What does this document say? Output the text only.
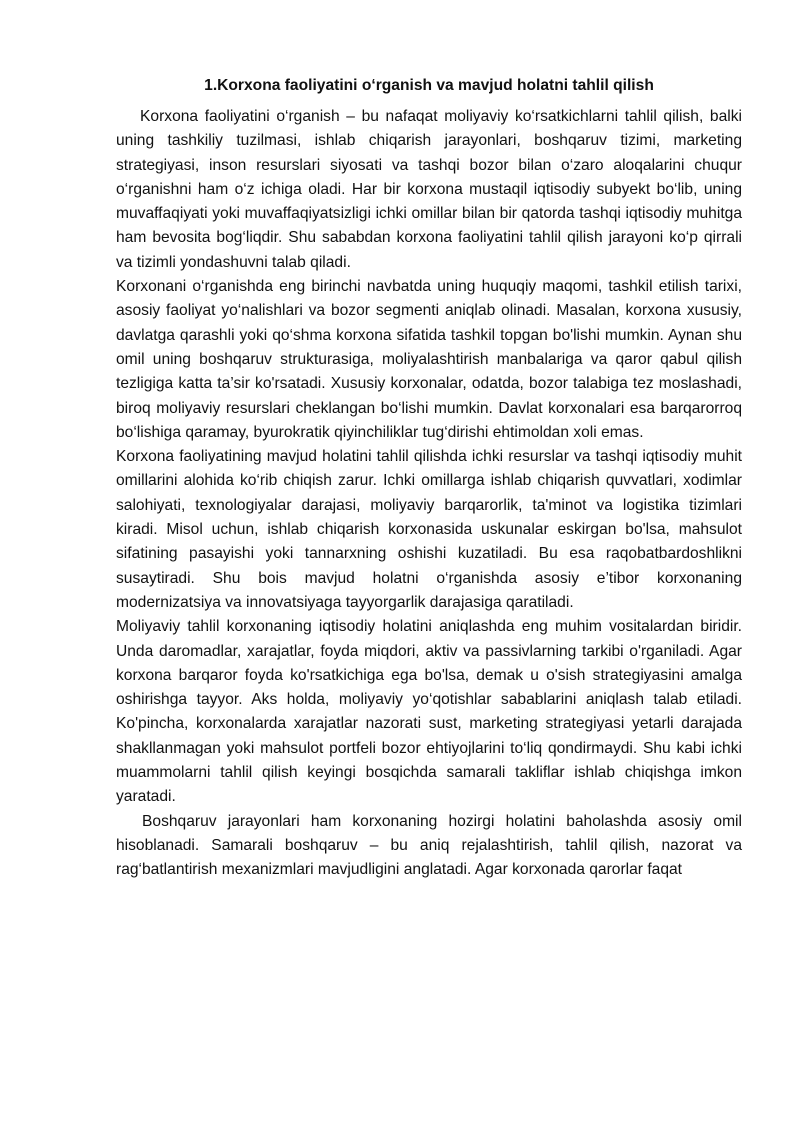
1.Korxona faoliyatini o‘rganish va mavjud holatni tahlil qilish

Korxona faoliyatini o‘rganish – bu nafaqat moliyaviy ko‘rsatkichlarni tahlil qilish, balki uning tashkiliy tuzilmasi, ishlab chiqarish jarayonlari, boshqaruv tizimi, marketing strategiyasi, inson resurslari siyosati va tashqi bozor bilan o‘zaro aloqalarini chuqur o‘rganishni ham o‘z ichiga oladi. Har bir korxona mustaqil iqtisodiy subyekt bo‘lib, uning muvaffaqiyati yoki muvaffaqiyatsizligi ichki omillar bilan bir qatorda tashqi iqtisodiy muhitga ham bevosita bog‘liqdir. Shu sababdan korxona faoliyatini tahlil qilish jarayoni ko‘p qirrali va tizimli yondashuvni talab qiladi.

Korxonani o‘rganishda eng birinchi navbatda uning huquqiy maqomi, tashkil etilish tarixi, asosiy faoliyat yo‘nalishlari va bozor segmenti aniqlab olinadi. Masalan, korxona xususiy, davlatga qarashli yoki qo‘shma korxona sifatida tashkil topgan bo'lishi mumkin. Aynan shu omil uning boshqaruv strukturasiga, moliyalashtirish manbalariga va qaror qabul qilish tezligiga katta ta’sir ko'rsatadi. Xususiy korxonalar, odatda, bozor talabiga tez moslashadi, biroq moliyaviy resurslari cheklangan bo‘lishi mumkin. Davlat korxonalari esa barqarorroq bo‘lishiga qaramay, byurokratik qiyinchiliklar tug‘dirishi ehtimoldan xoli emas.

Korxona faoliyatining mavjud holatini tahlil qilishda ichki resurslar va tashqi iqtisodiy muhit omillarini alohida ko‘rib chiqish zarur. Ichki omillarga ishlab chiqarish quvvatlari, xodimlar salohiyati, texnologiyalar darajasi, moliyaviy barqarorlik, ta'minot va logistika tizimlari kiradi. Misol uchun, ishlab chiqarish korxonasida uskunalar eskirgan bo'lsa, mahsulot sifatining pasayishi yoki tannarxning oshishi kuzatiladi. Bu esa raqobatbardoshlikni susaytiradi. Shu bois mavjud holatni o‘rganishda asosiy e’tibor korxonaning modernizatsiya va innovatsiyaga tayyorgarlik darajasiga qaratiladi.

Moliyaviy tahlil korxonaning iqtisodiy holatini aniqlashda eng muhim vositalardan biridir. Unda daromadlar, xarajatlar, foyda miqdori, aktiv va passivlarning tarkibi o'rganiladi. Agar korxona barqaror foyda ko'rsatkichiga ega bo'lsa, demak u o'sish strategiyasini amalga oshirishga tayyor. Aks holda, moliyaviy yo‘qotishlar sabablarini aniqlash talab etiladi. Ko'pincha, korxonalarda xarajatlar nazorati sust, marketing strategiyasi yetarli darajada shakllanmagan yoki mahsulot portfeli bozor ehtiyojlarini to‘liq qondirmaydi. Shu kabi ichki muammolarni tahlil qilish keyingi bosqichda samarali takliflar ishlab chiqishga imkon yaratadi.

Boshqaruv jarayonlari ham korxonaning hozirgi holatini baholashda asosiy omil hisoblanadi. Samarali boshqaruv – bu aniq rejalashtirish, tahlil qilish, nazorat va rag‘batlantirish mexanizmlari mavjudligini anglatadi. Agar korxonada qarorlar faqat
